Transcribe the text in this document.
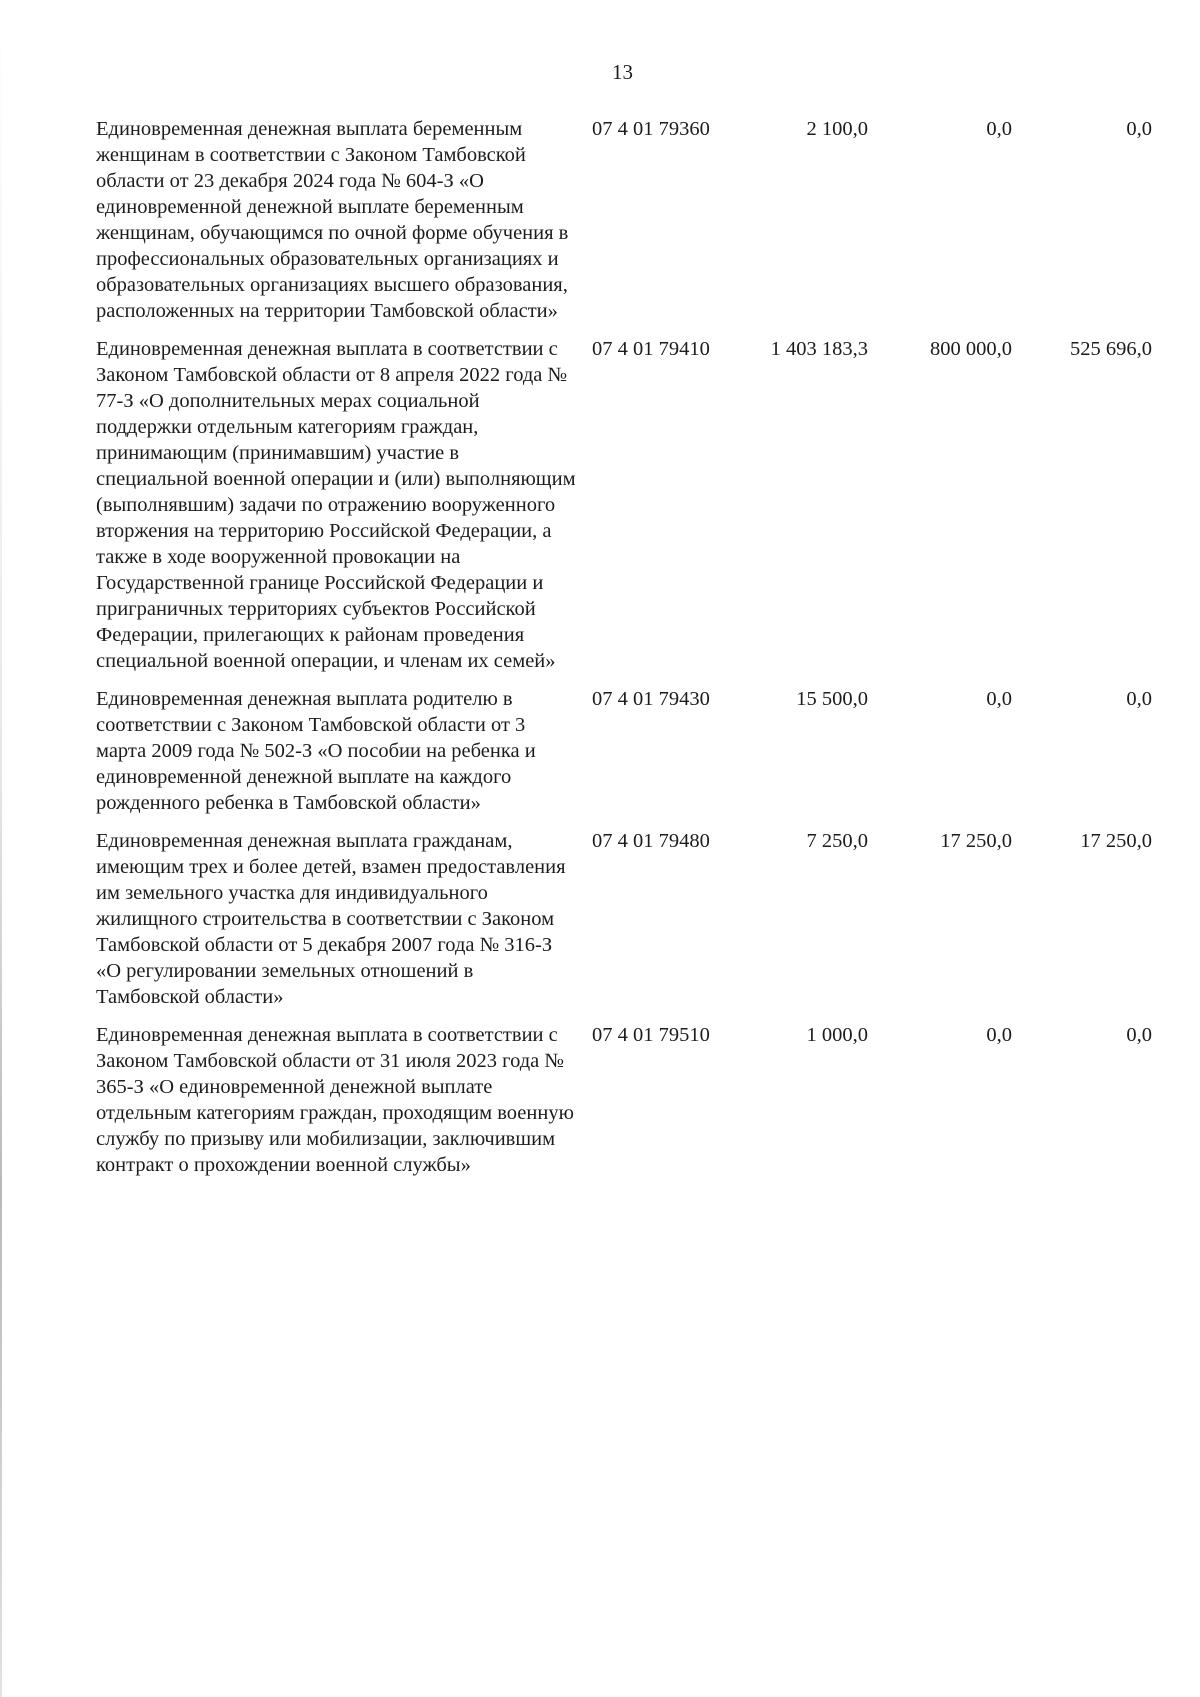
13
Единовременная денежная выплата беременным женщинам в соответствии с Законом Тамбовской области от 23 декабря 2024 года № 604-З «О единовременной денежной выплате беременным женщинам, обучающимся по очной форме обучения в профессиональных образовательных организациях и образовательных организациях высшего образования, расположенных на территории Тамбовской области»
07 4 01 79360	2 100,0	0,0	0,0
Единовременная денежная выплата в соответствии с Законом Тамбовской области от 8 апреля 2022 года № 77-З «О дополнительных мерах социальной поддержки отдельным категориям граждан, принимающим (принимавшим) участие в специальной военной операции и (или) выполняющим (выполнявшим) задачи по отражению вооруженного вторжения на территорию Российской Федерации, а также в ходе вооруженной провокации на Государственной границе Российской Федерации и приграничных территориях субъектов Российской Федерации, прилегающих к районам проведения специальной военной операции, и членам их семей»
07 4 01 79410	1 403 183,3	800 000,0	525 696,0
Единовременная денежная выплата родителю в соответствии с Законом Тамбовской области от 3 марта 2009 года № 502-З «О пособии на ребенка и единовременной денежной выплате на каждого рожденного ребенка в Тамбовской области»
07 4 01 79430	15 500,0	0,0	0,0
Единовременная денежная выплата гражданам, имеющим трех и более детей, взамен предоставления им земельного участка для индивидуального жилищного строительства в соответствии с Законом Тамбовской области от 5 декабря 2007 года № 316-З «О регулировании земельных отношений в Тамбовской области»
07 4 01 79480	7 250,0	17 250,0	17 250,0
Единовременная денежная выплата в соответствии с Законом Тамбовской области от 31 июля 2023 года № 365-З «О единовременной денежной выплате отдельным категориям граждан, проходящим военную службу по призыву или мобилизации, заключившим контракт о прохождении военной службы»
07 4 01 79510	1 000,0	0,0	0,0
